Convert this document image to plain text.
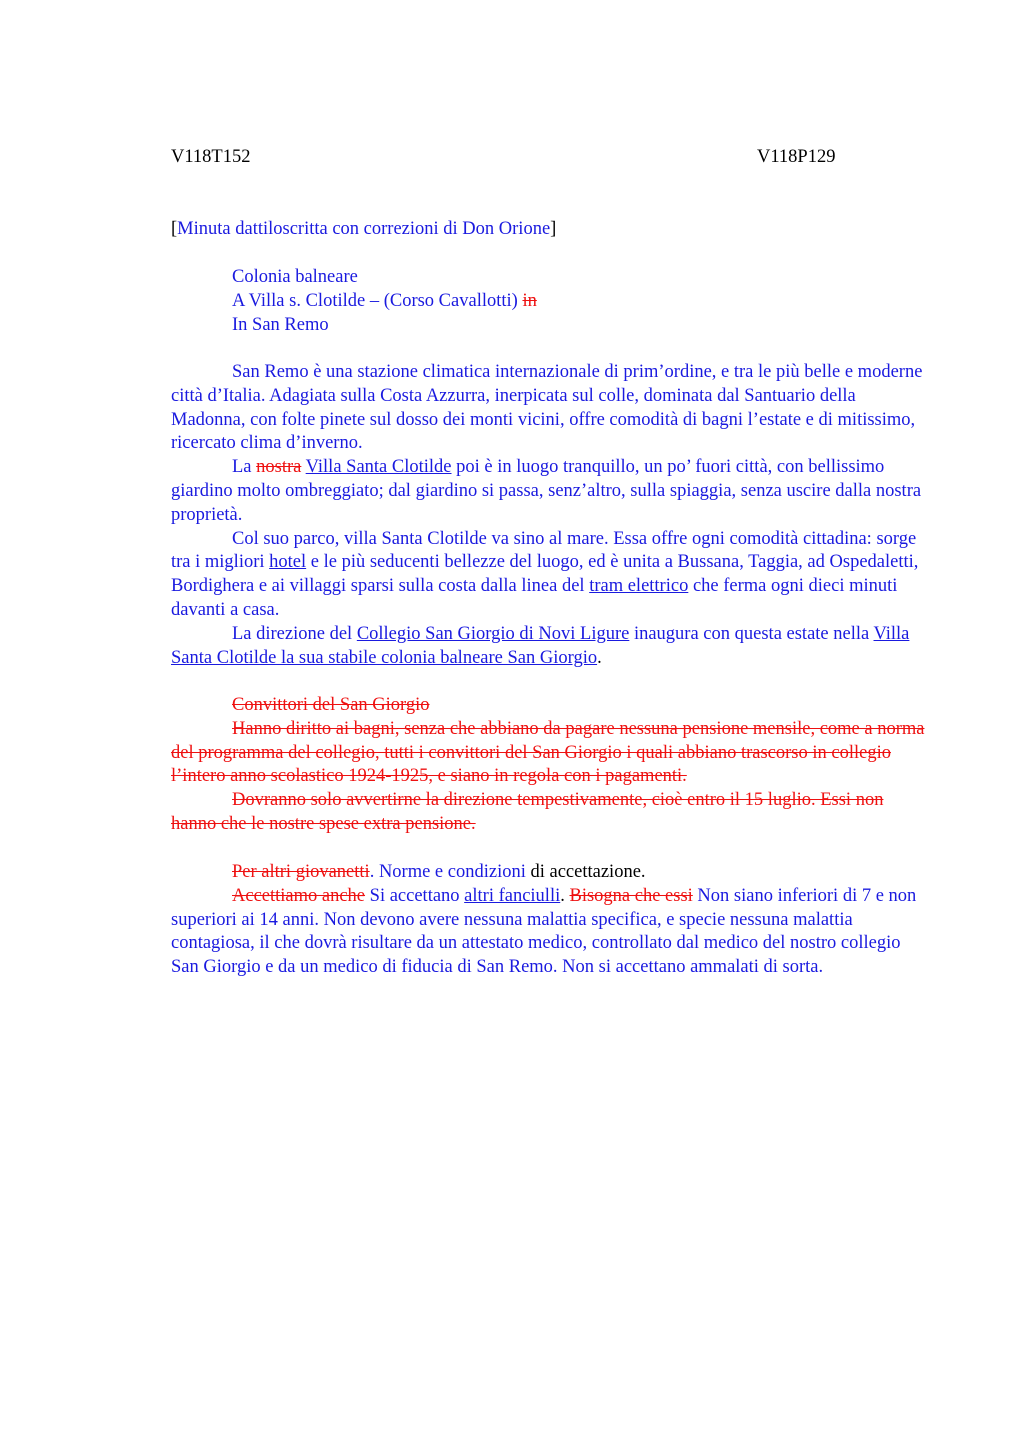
V118T152	V118P129
[Minuta dattiloscritta con correzioni di Don Orione]
Colonia balneare
A Villa s. Clotilde – (Corso Cavallotti) in
In San Remo

San Remo è una stazione climatica internazionale di prim’ordine, e tra le più belle e moderne città d’Italia. Adagiata sulla Costa Azzurra, inerpicata sul colle, dominata dal Santuario della Madonna, con folte pinete sul dosso dei monti vicini, offre comodità di bagni l’estate e di mitissimo, ricercato clima d’inverno.

La nostra Villa Santa Clotilde poi è in luogo tranquillo, un po’ fuori città, con bellissimo giardino molto ombreggiato; dal giardino si passa, senz’altro, sulla spiaggia, senza uscire dalla nostra proprietà.

Col suo parco, villa Santa Clotilde va sino al mare. Essa offre ogni comodità cittadina: sorge tra i migliori hotel e le più seducenti bellezze del luogo, ed è unita a Bussana, Taggia, ad Ospedaletti, Bordighera e ai villaggi sparsi sulla costa dalla linea del tram elettrico che ferma ogni dieci minuti davanti a casa.

La direzione del Collegio San Giorgio di Novi Ligure inaugura con questa estate nella Villa Santa Clotilde la sua stabile colonia balneare San Giorgio.

Convittori del San Giorgio

Hanno diritto ai bagni, senza che abbiano da pagare nessuna pensione mensile, come a norma del programma del collegio, tutti i convittori del San Giorgio i quali abbiano trascorso in collegio l’intero anno scolastico 1924-1925, e siano in regola con i pagamenti.

Dovranno solo avvertirne la direzione tempestivamente, cioè entro il 15 luglio. Essi non hanno che le nostre spese extra pensione.

Per altri giovanetti. Norme e condizioni di accettazione.

Accettiamo anche Si accettano altri fanciulli. Bisogna che essi Non siano inferiori di 7 e non superiori ai 14 anni. Non devono avere nessuna malattia specifica, e specie nessuna malattia contagiosa, il che dovrà risultare da un attestato medico, controllato dal medico del nostro collegio San Giorgio e da un medico di fiducia di San Remo. Non si accettano ammalati di sorta.
